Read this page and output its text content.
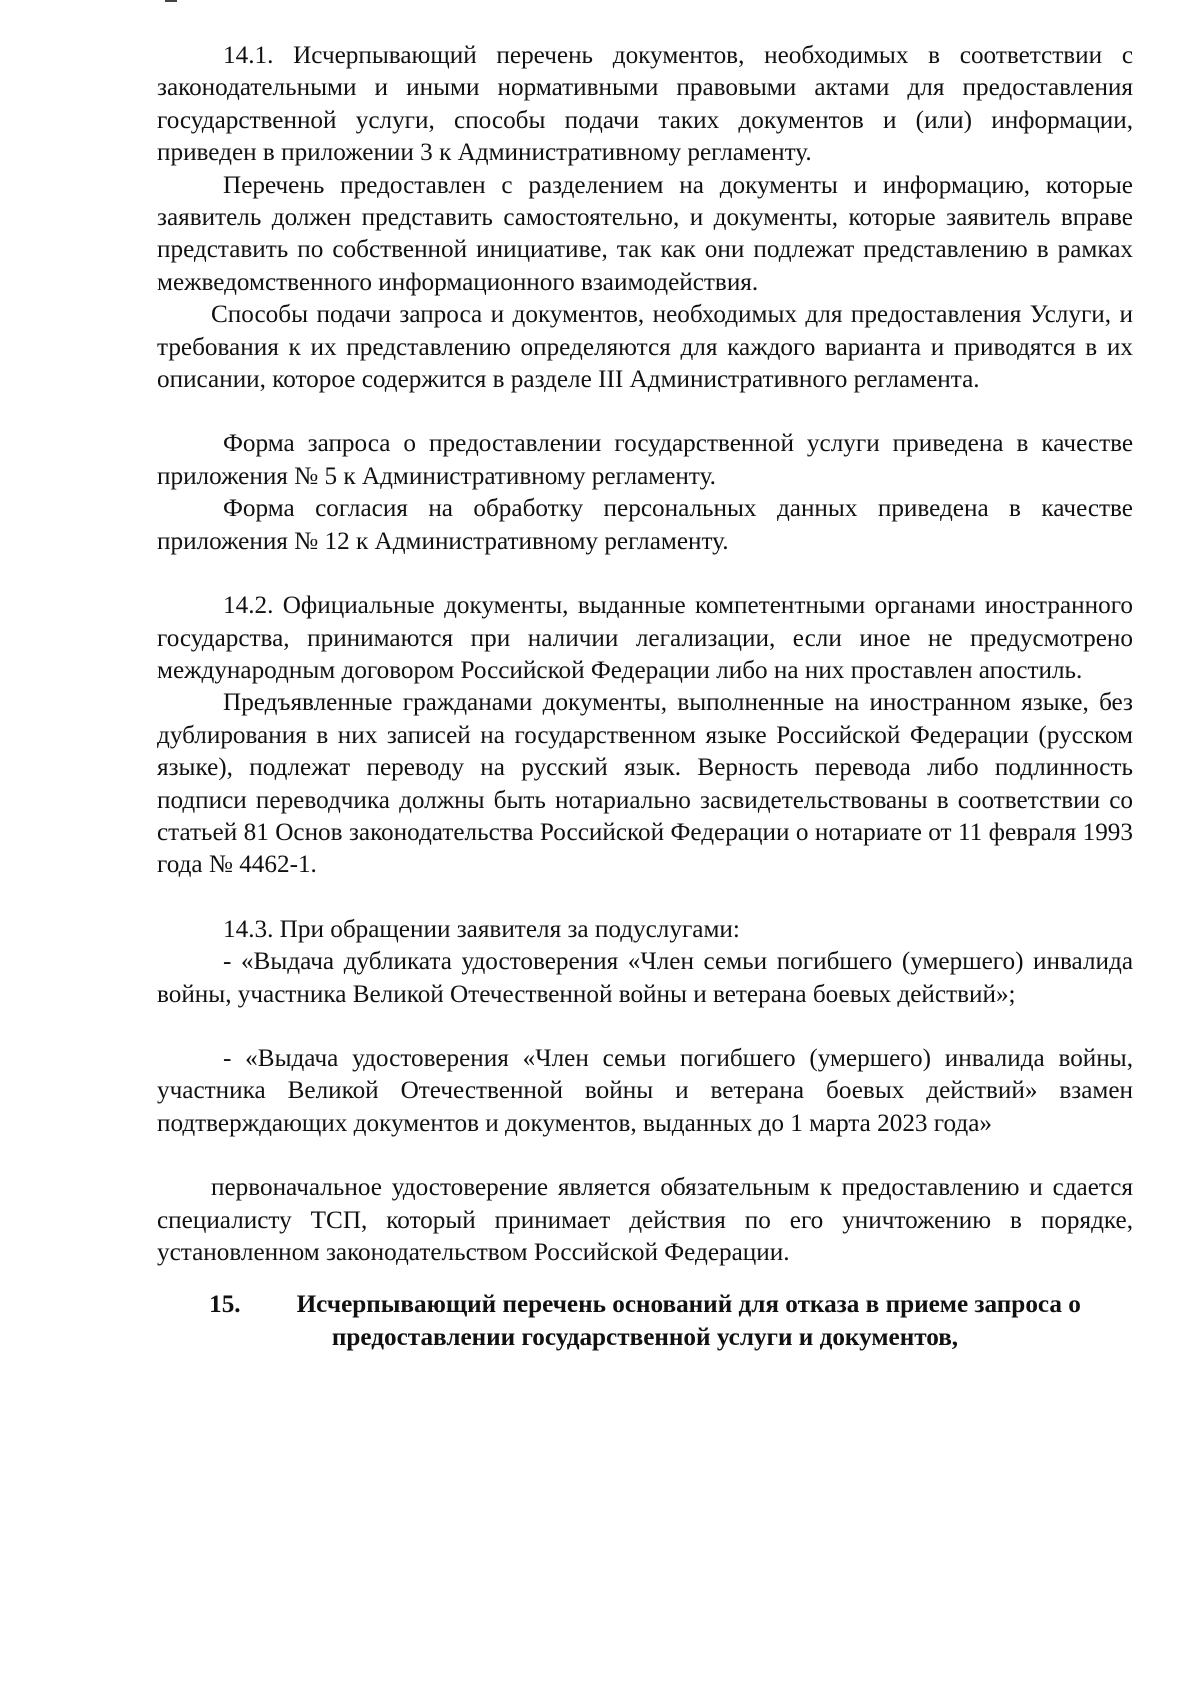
14.1. Исчерпывающий перечень документов, необходимых в соответствии с законодательными и иными нормативными правовыми актами для предоставления государственной услуги, способы подачи таких документов и (или) информации, приведен в приложении 3 к Административному регламенту.

Перечень предоставлен с разделением на документы и информацию, которые заявитель должен представить самостоятельно, и документы, которые заявитель вправе представить по собственной инициативе, так как они подлежат представлению в рамках межведомственного информационного взаимодействия.

Способы подачи запроса и документов, необходимых для предоставления Услуги, и требования к их представлению определяются для каждого варианта и приводятся в их описании, которое содержится в разделе III Административного регламента.

Форма запроса о предоставлении государственной услуги приведена в качестве приложения № 5 к Административному регламенту.

Форма согласия на обработку персональных данных приведена в качестве приложения № 12 к Административному регламенту.

14.2. Официальные документы, выданные компетентными органами иностранного государства, принимаются при наличии легализации, если иное не предусмотрено международным договором Российской Федерации либо на них проставлен апостиль.

Предъявленные гражданами документы, выполненные на иностранном языке, без дублирования в них записей на государственном языке Российской Федерации (русском языке), подлежат переводу на русский язык. Верность перевода либо подлинность подписи переводчика должны быть нотариально засвидетельствованы в соответствии со статьей 81 Основ законодательства Российской Федерации о нотариате от 11 февраля 1993 года № 4462-1.

14.3. При обращении заявителя за подуслугами:

- «Выдача дубликата удостоверения «Член семьи погибшего (умершего) инвалида войны, участника Великой Отечественной войны и ветерана боевых действий»;

- «Выдача удостоверения «Член семьи погибшего (умершего) инвалида войны, участника Великой Отечественной войны и ветерана боевых действий» взамен подтверждающих документов и документов, выданных до 1 марта 2023 года»

первоначальное удостоверение является обязательным к предоставлению и сдается специалисту ТСП, который принимает действия по его уничтожению в порядке, установленном законодательством Российской Федерации.

15. Исчерпывающий перечень оснований для отказа в приеме запроса о предоставлении государственной услуги и документов,
